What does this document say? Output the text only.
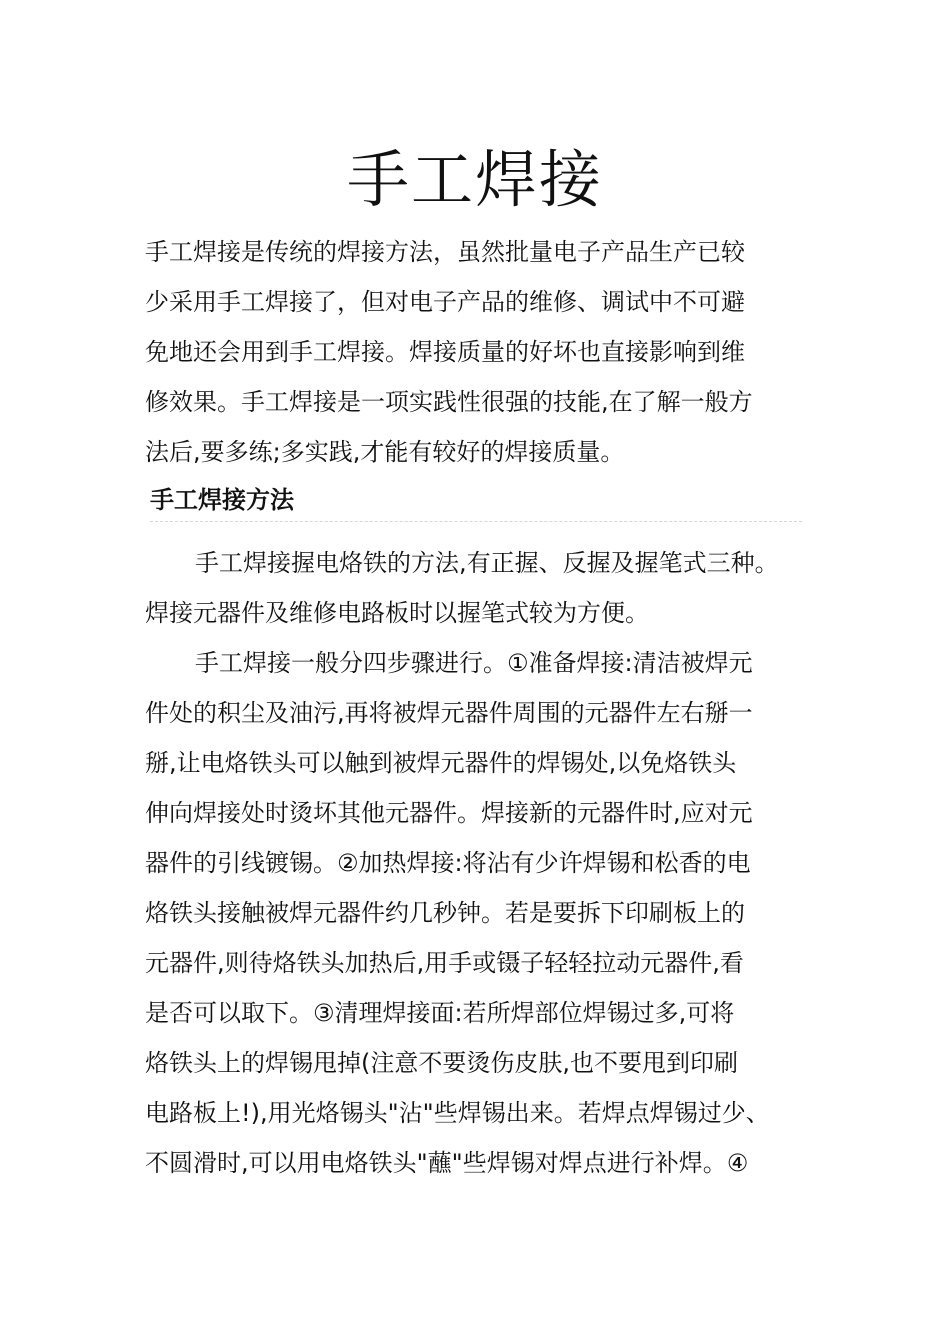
手工焊接
手工焊接是传统的焊接方法，虽然批量电子产品生产已较
少采用手工焊接了，但对电子产品的维修、调试中不可避
免地还会用到手工焊接。焊接质量的好坏也直接影响到维
修效果。手工焊接是一项实践性很强的技能,在了解一般方
法后,要多练;多实践,才能有较好的焊接质量。
手工焊接方法
手工焊接握电烙铁的方法,有正握、反握及握笔式三种。
焊接元器件及维修电路板时以握笔式较为方便。
手工焊接一般分四步骤进行。①准备焊接:清洁被焊元
件处的积尘及油污,再将被焊元器件周围的元器件左右掰一
掰,让电烙铁头可以触到被焊元器件的焊锡处,以免烙铁头
伸向焊接处时烫坏其他元器件。焊接新的元器件时,应对元
器件的引线镀锡。②加热焊接:将沾有少许焊锡和松香的电
烙铁头接触被焊元器件约几秒钟。若是要拆下印刷板上的
元器件,则待烙铁头加热后,用手或镊子轻轻拉动元器件,看
是否可以取下。③清理焊接面:若所焊部位焊锡过多,可将
烙铁头上的焊锡甩掉(注意不要烫伤皮肤,也不要甩到印刷
电路板上!),用光烙锡头"沾"些焊锡出来。若焊点焊锡过少、
不圆滑时,可以用电烙铁头"蘸"些焊锡对焊点进行补焊。④
